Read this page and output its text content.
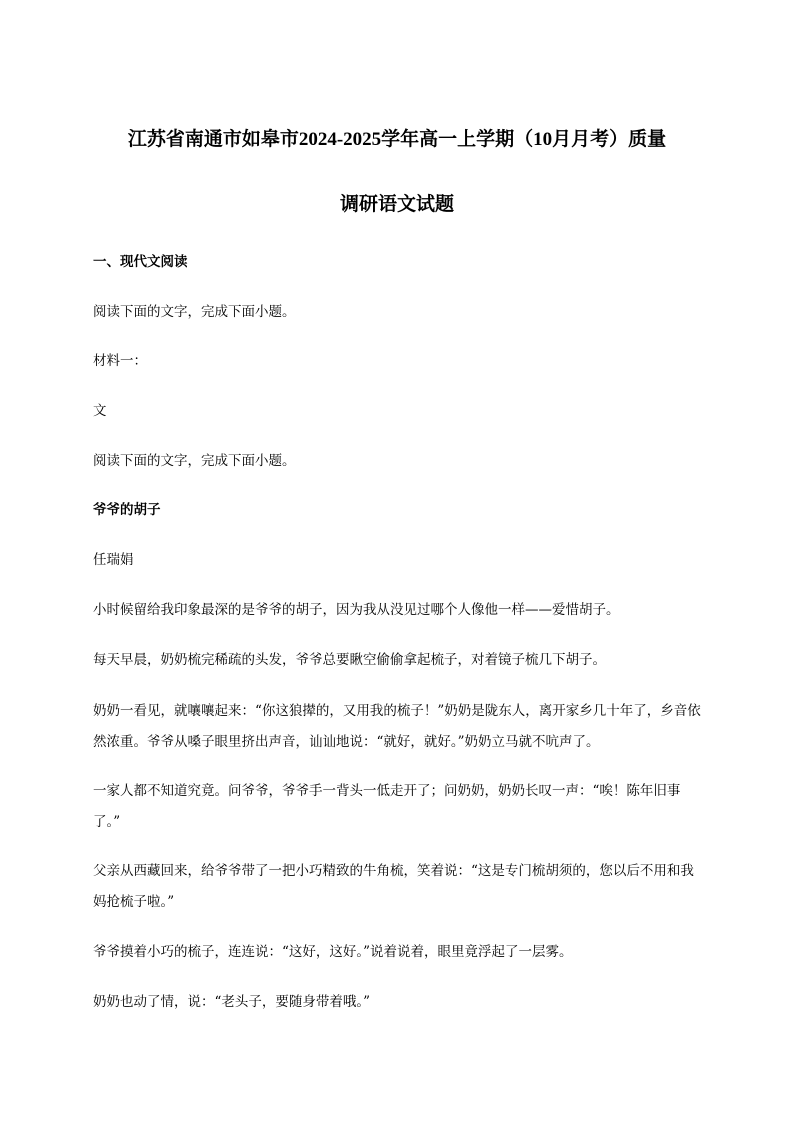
江苏省南通市如皋市2024-2025学年高一上学期（10月月考）质量
调研语文试题
一、现代文阅读
阅读下面的文字，完成下面小题。
材料一：
文
阅读下面的文字，完成下面小题。
爷爷的胡子
任瑞娟
小时候留给我印象最深的是爷爷的胡子，因为我从没见过哪个人像他一样——爱惜胡子。
每天早晨，奶奶梳完稀疏的头发，爷爷总要瞅空偷偷拿起梳子，对着镜子梳几下胡子。
奶奶一看见，就嚷嚷起来：“你这狼撵的，又用我的梳子！”奶奶是陇东人，离开家乡几十年了，乡音依然浓重。爷爷从嗓子眼里挤出声音，讪讪地说：“就好，就好。”奶奶立马就不吭声了。
一家人都不知道究竟。问爷爷，爷爷手一背头一低走开了；问奶奶，奶奶长叹一声：“唉！陈年旧事了。”
父亲从西藏回来，给爷爷带了一把小巧精致的牛角梳，笑着说：“这是专门梳胡须的，您以后不用和我妈抢梳子啦。”
爷爷摸着小巧的梳子，连连说：“这好，这好。”说着说着，眼里竟浮起了一层雾。
奶奶也动了情，说：“老头子，要随身带着哦。”
